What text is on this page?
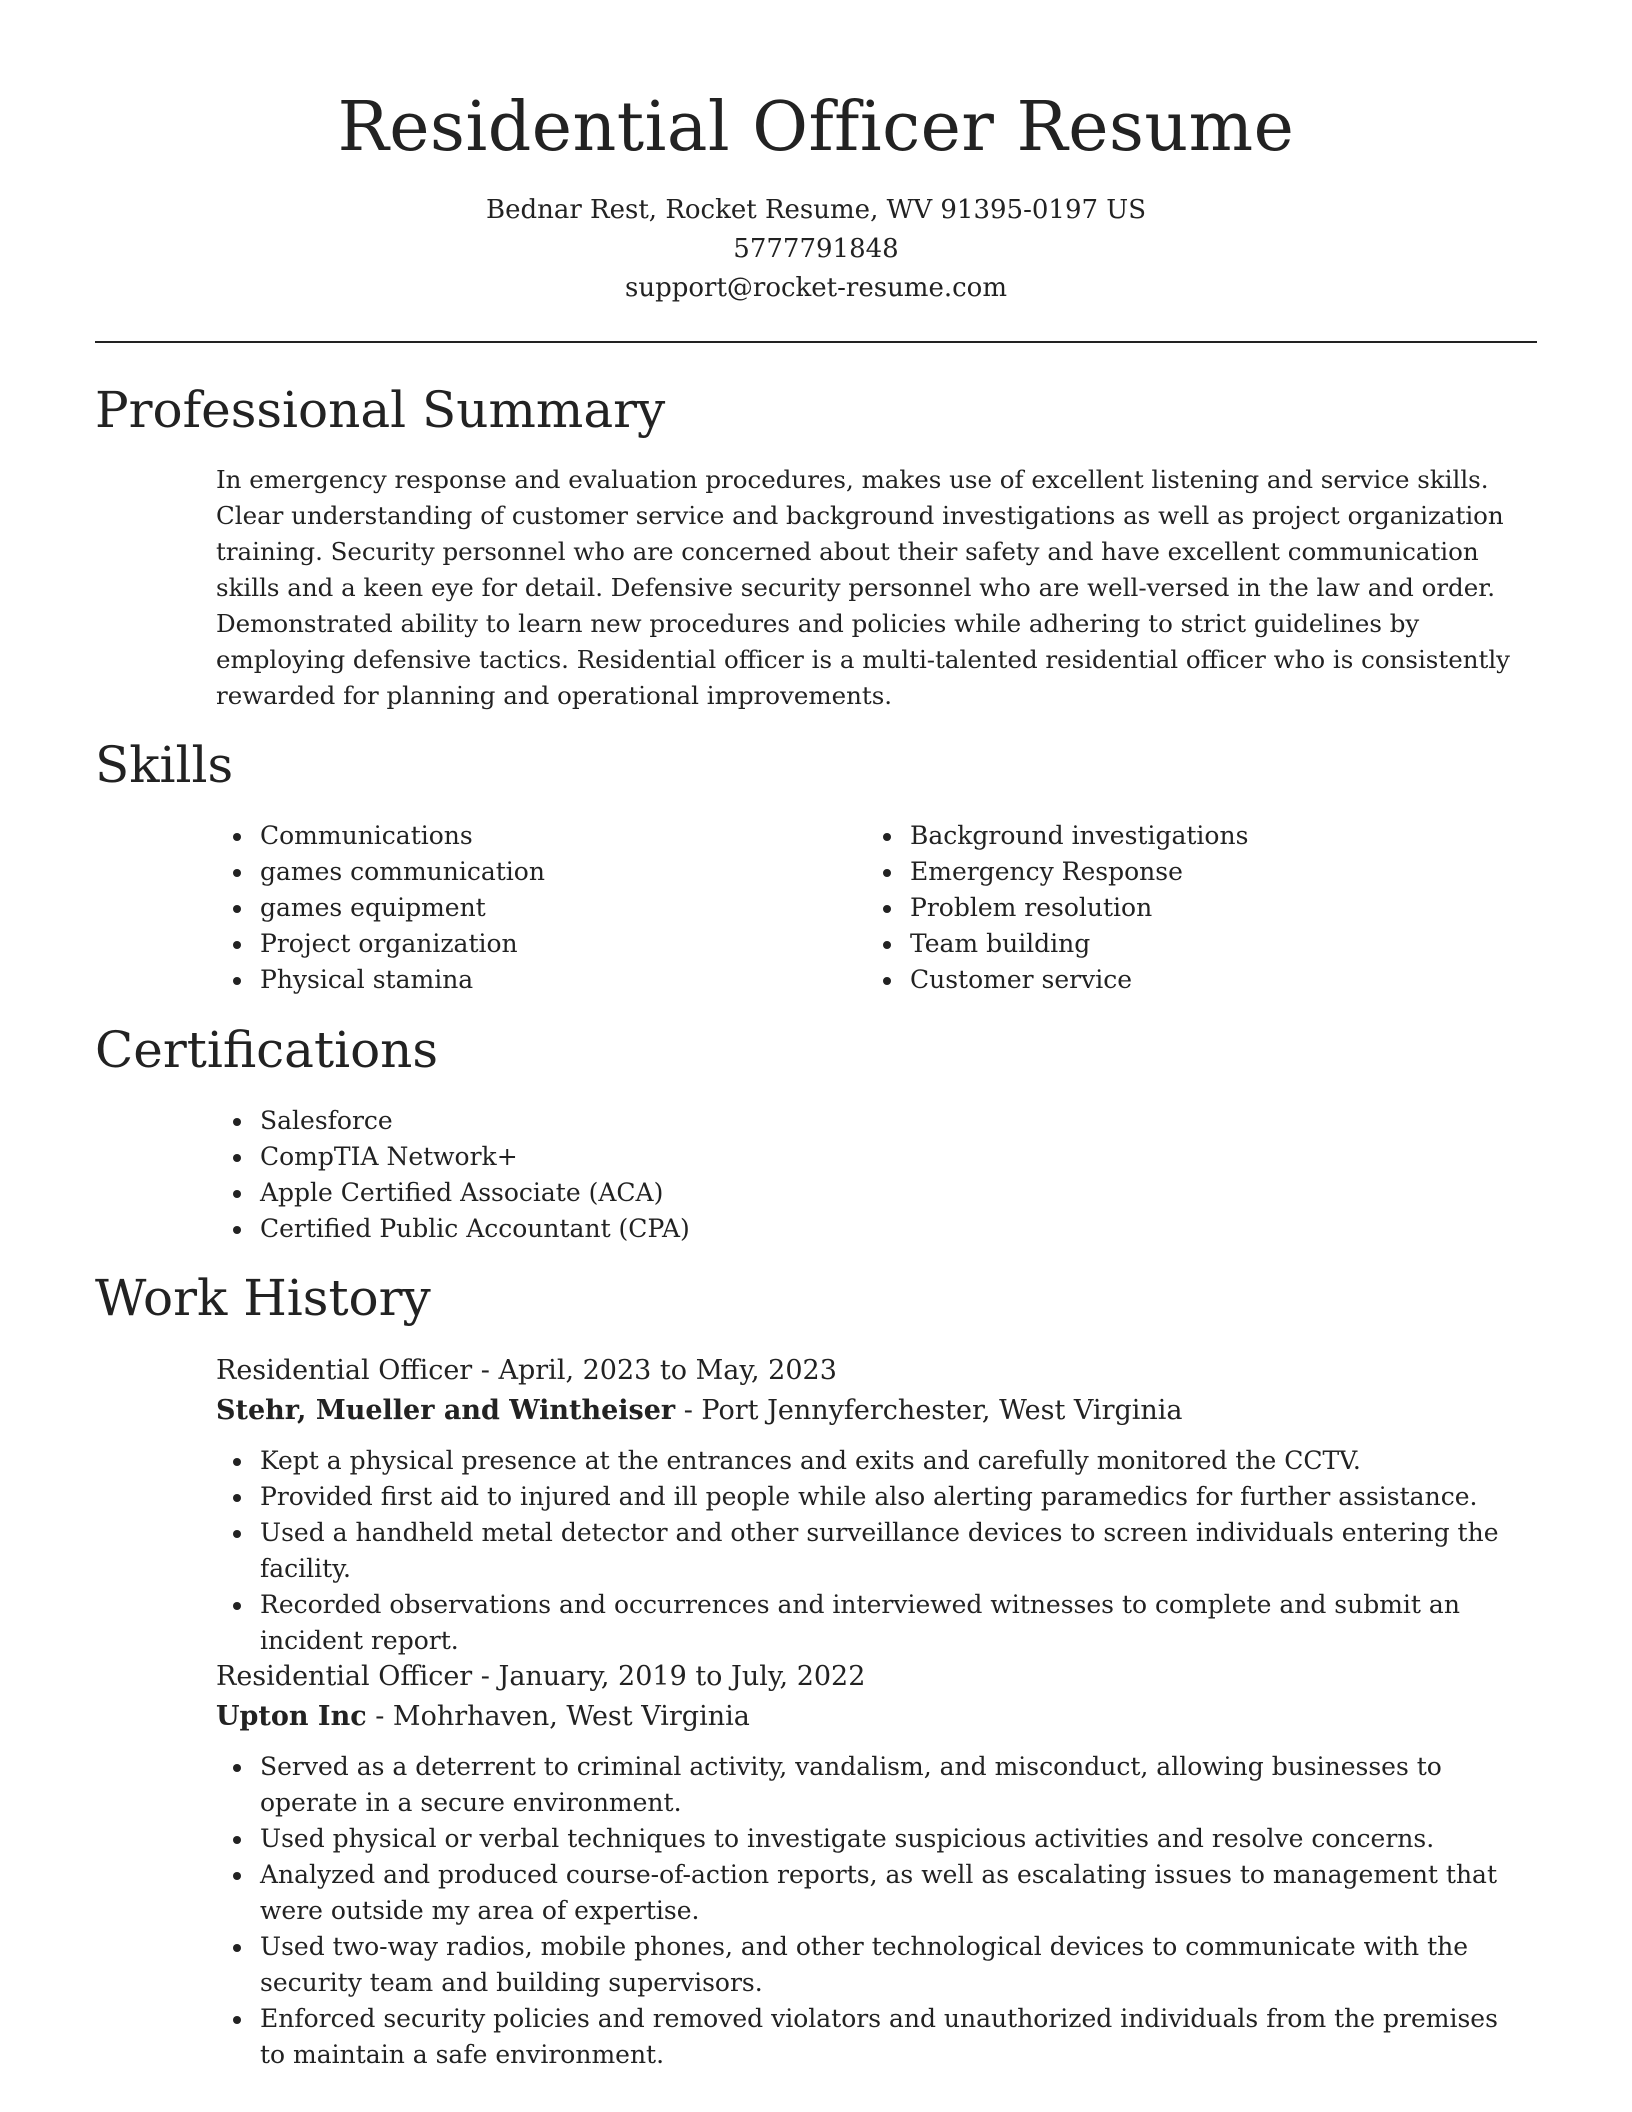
Residential Officer Resume
Bednar Rest, Rocket Resume, WV 91395-0197 US
5777791848
support@rocket-resume.com
Professional Summary

In emergency response and evaluation procedures, makes use of excellent listening and service skills. Clear understanding of customer service and background investigations as well as project organization training. Security personnel who are concerned about their safety and have excellent communication skills and a keen eye for detail. Defensive security personnel who are well-versed in the law and order. Demonstrated ability to learn new procedures and policies while adhering to strict guidelines by employing defensive tactics. Residential officer is a multi-talented residential officer who is consistently rewarded for planning and operational improvements.

Skills
Communications
games communication
games equipment
Project organization
Physical stamina
Background investigations
Emergency Response
Problem resolution
Team building
Customer service
Certifications
Salesforce
CompTIA Network+
Apple Certified Associate (ACA)
Certified Public Accountant (CPA)
Work History

Residential Officer - April, 2023 to May, 2023

Stehr, Mueller and Wintheiser - Port Jennyferchester, West Virginia

Kept a physical presence at the entrances and exits and carefully monitored the CCTV.
Provided first aid to injured and ill people while also alerting paramedics for further assistance.
Used a handheld metal detector and other surveillance devices to screen individuals entering the facility.
Recorded observations and occurrences and interviewed witnesses to complete and submit an incident report.

Residential Officer - January, 2019 to July, 2022

Upton Inc - Mohrhaven, West Virginia

Served as a deterrent to criminal activity, vandalism, and misconduct, allowing businesses to operate in a secure environment.
Used physical or verbal techniques to investigate suspicious activities and resolve concerns.
Analyzed and produced course-of-action reports, as well as escalating issues to management that were outside my area of expertise.
Used two-way radios, mobile phones, and other technological devices to communicate with the security team and building supervisors.
Enforced security policies and removed violators and unauthorized individuals from the premises to maintain a safe environment.
